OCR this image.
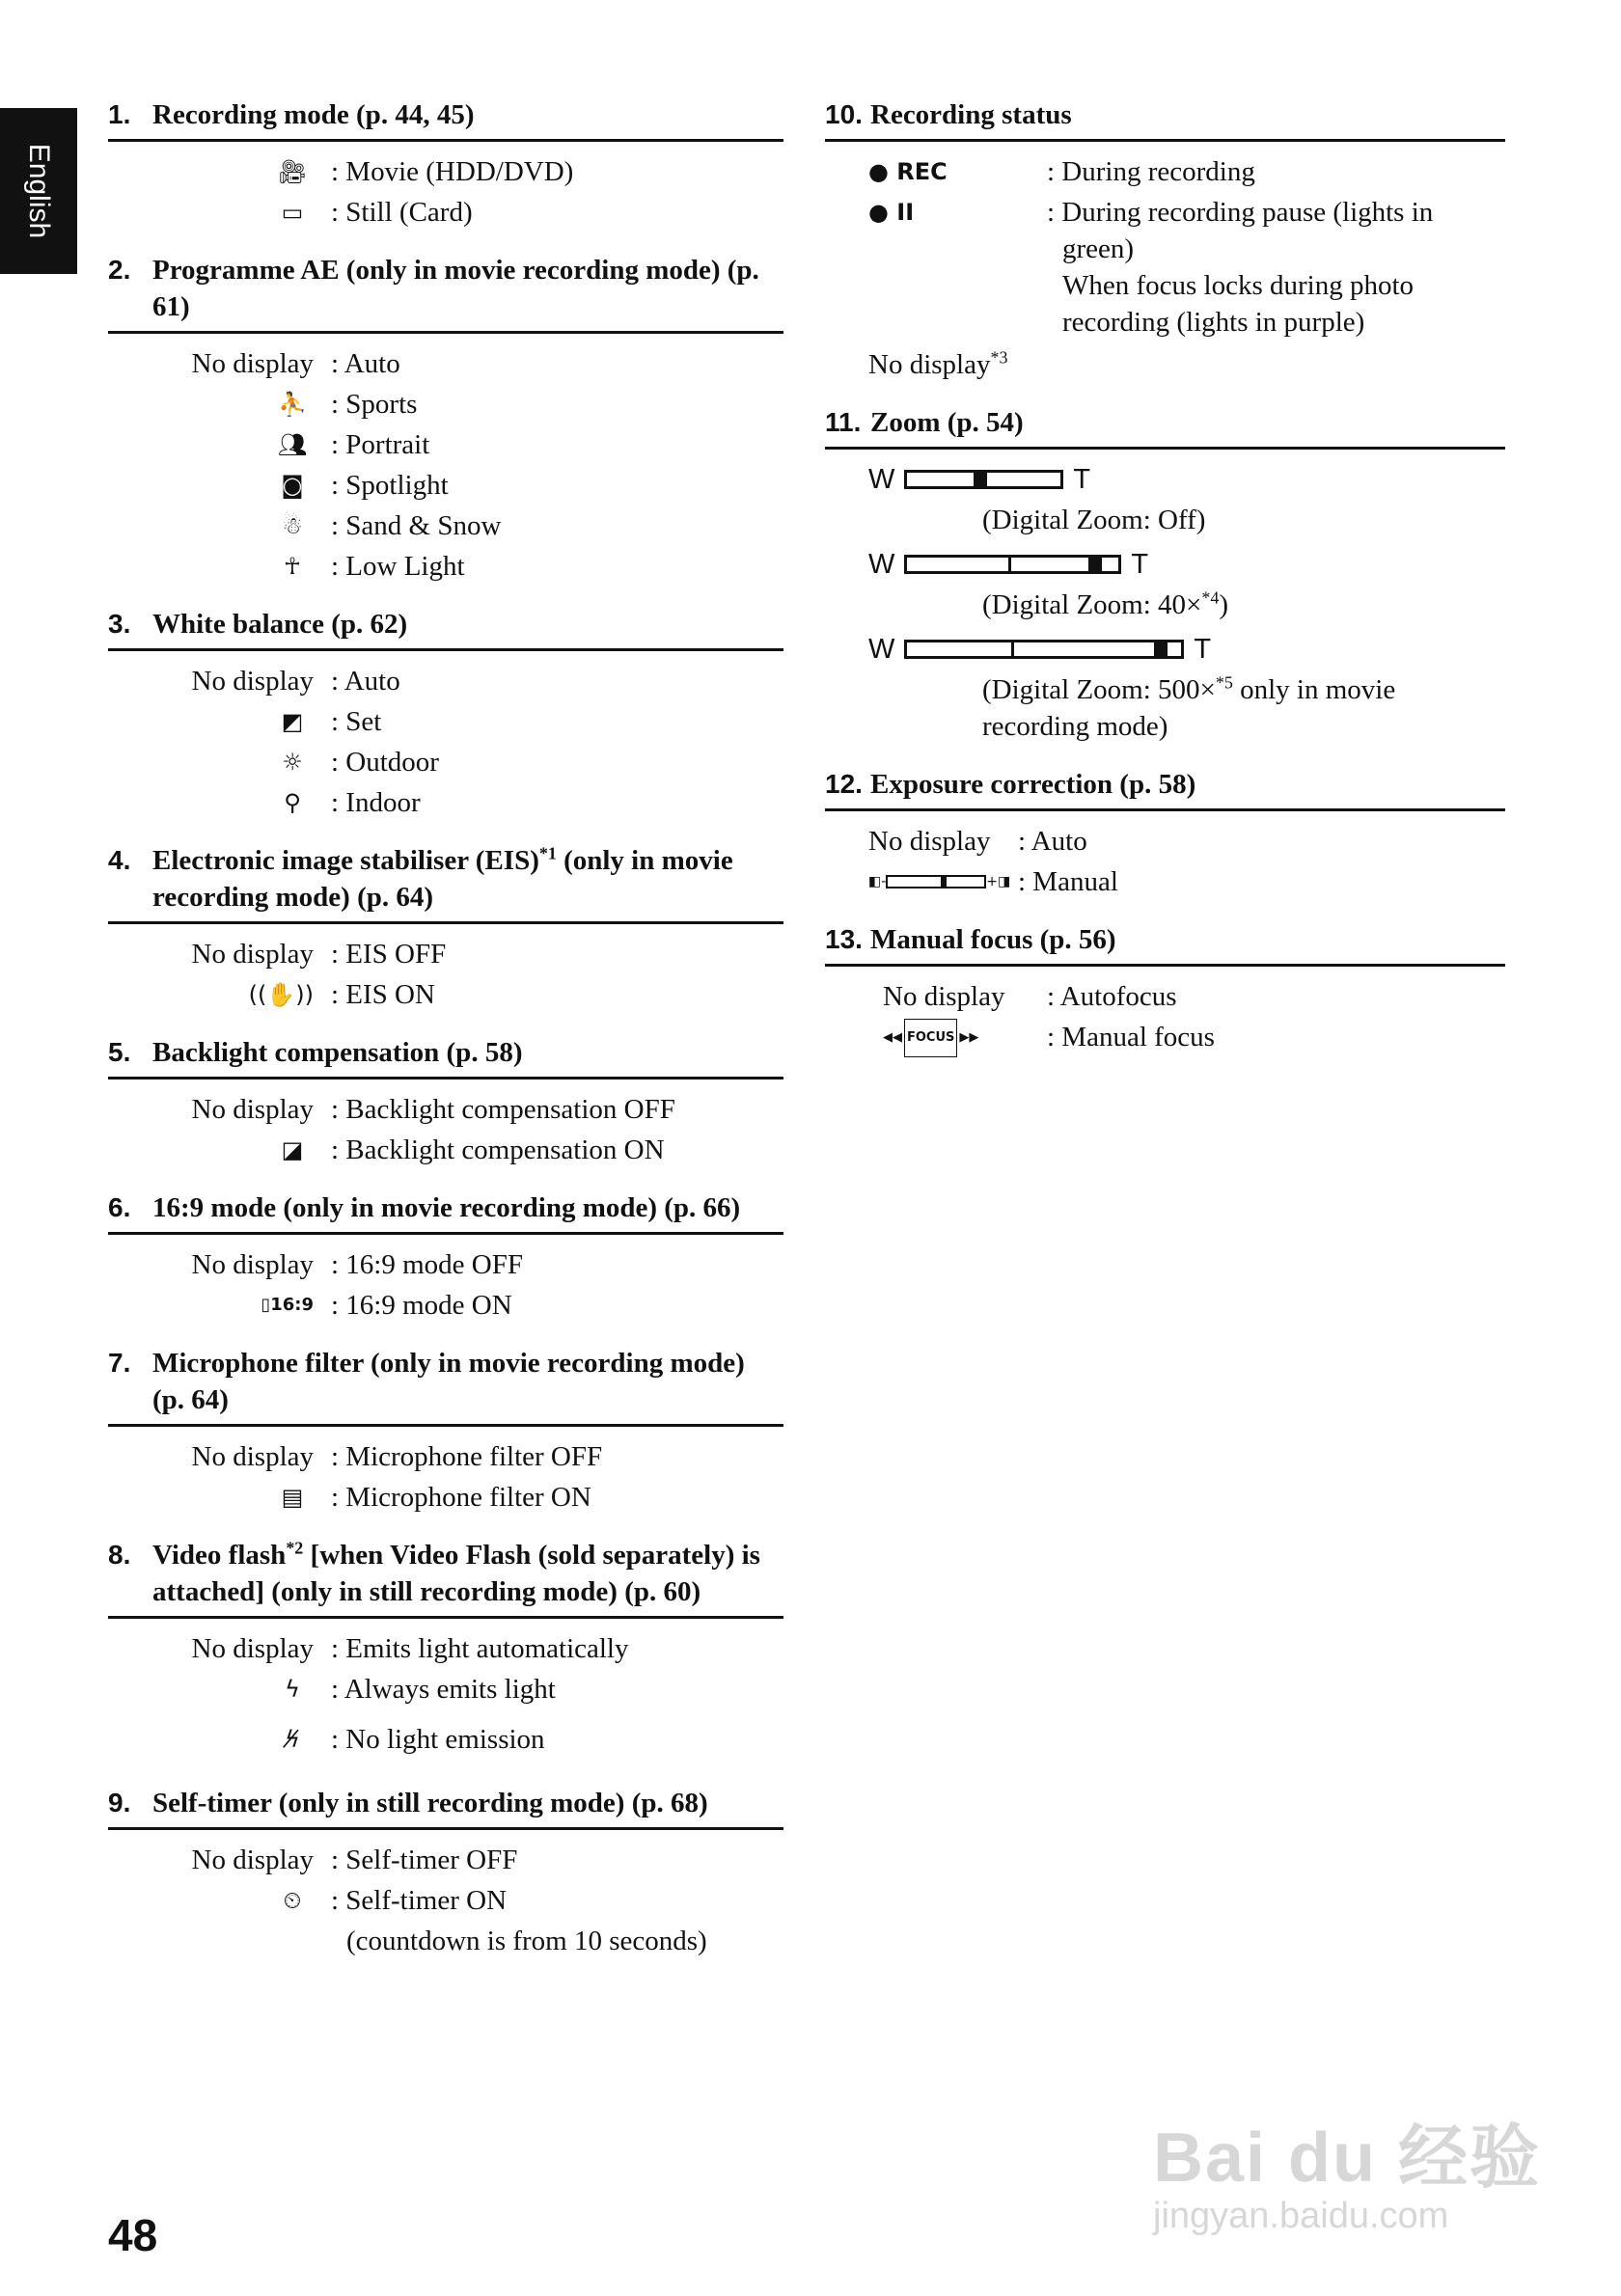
English
1. Recording mode (p. 44, 45)
🎥︎ : Movie (HDD/DVD)
▭ : Still (Card)
2. Programme AE (only in movie recording mode) (p. 61)
No display : Auto
⛹ : Sports
👥︎ : Portrait
◙ : Spotlight
☃	: Sand & Snow
☥	: Low Light
3. White balance (p. 62)
No display : Auto
◩ : Set
☼	: Outdoor
⚲	: Indoor
4. Electronic image stabiliser (EIS)$^{*1}$ (only in movie recording mode) (p. 64)
No display : EIS OFF
((✋)) : EIS ON
5. Backlight compensation (p. 58)
No display : Backlight compensation OFF
◪ : Backlight compensation ON
6. 16:9 mode (only in movie recording mode) (p. 66)
No display : 16:9 mode OFF
▯16:9 : 16:9 mode ON
7. Microphone filter (only in movie recording mode) (p. 64)
No display : Microphone filter OFF
▤ : Microphone filter ON
8. Video flash$^{*2}$ [when Video Flash (sold separately) is attached] (only in still recording mode) (p. 60)
No display : Emits light automatically
ϟ	: Always emits light
ϟ̸	: No light emission
9. Self-timer (only in still recording mode) (p. 68)
No display : Self-timer OFF
⏲	: Self-timer ON
(countdown is from 10 seconds)
10. Recording status
● REC	: During recording
● II	: During recording pause (lights in green)
When focus locks during photo recording (lights in purple)
No display$^{*3}$
11. Zoom (p. 54)
W	T
(Digital Zoom: Off)
W	T
(Digital Zoom: 40×$^{*4}$)
W	T
(Digital Zoom: 500×$^{*5}$ only in movie recording mode)
12. Exposure correction (p. 58)
No display : Auto
◧-	+◨ : Manual
13. Manual focus (p. 56)
No display	: Autofocus
◀◀ FOCUS ▶▶ : Manual focus
48
Bai du 经验
jingyan.baidu.com
